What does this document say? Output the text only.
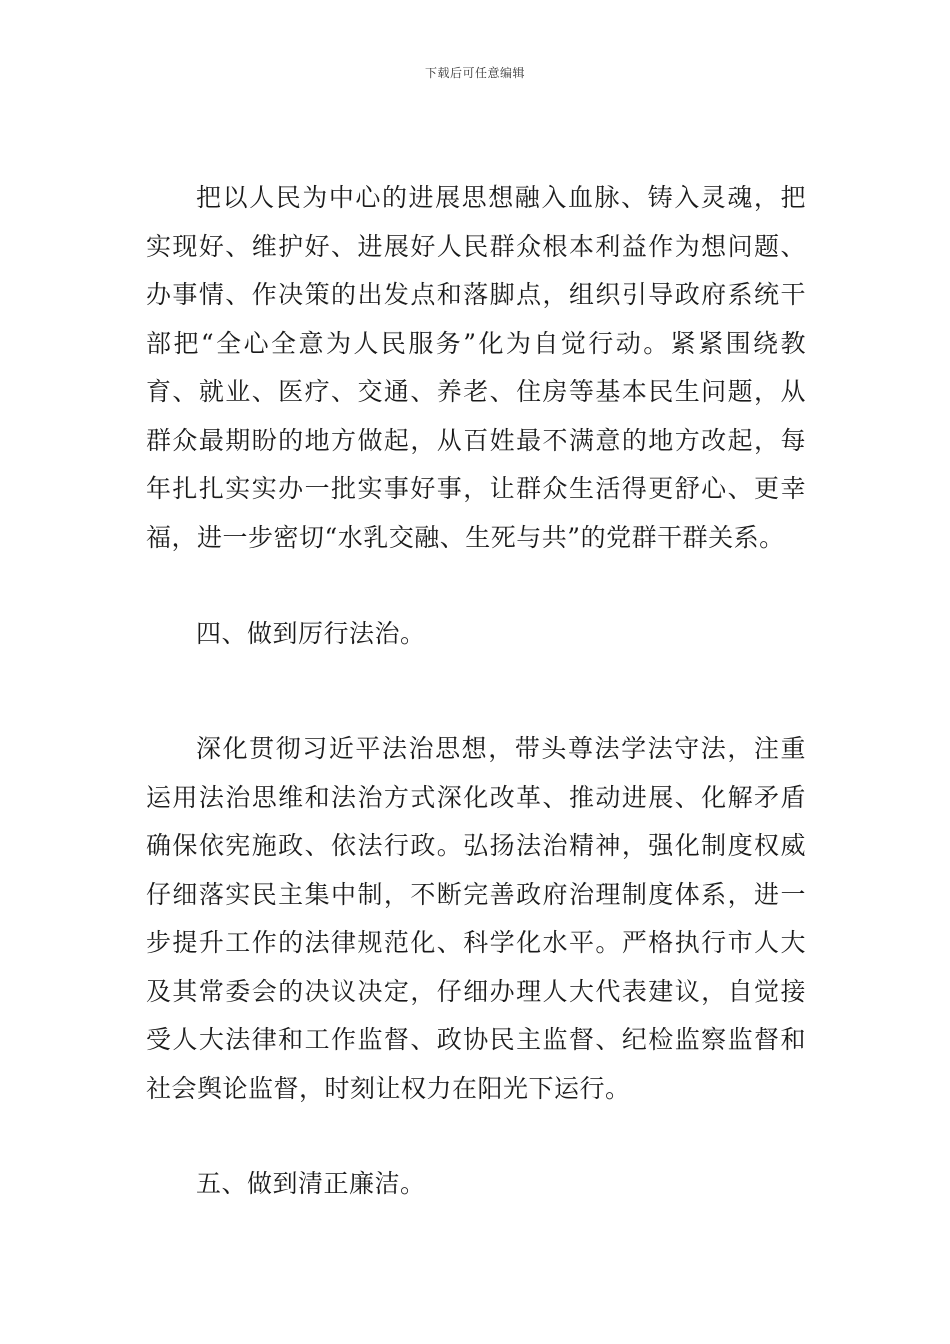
下载后可任意编辑

把以人民为中心的进展思想融入血脉、铸入灵魂，把实现好、维护好、进展好人民群众根本利益作为想问题、办事情、作决策的出发点和落脚点，组织引导政府系统干部把“全心全意为人民服务”化为自觉行动。紧紧围绕教育、就业、医疗、交通、养老、住房等基本民生问题，从群众最期盼的地方做起，从百姓最不满意的地方改起，每年扎扎实实办一批实事好事，让群众生活得更舒心、更幸福，进一步密切“水乳交融、生死与共”的党群干群关系。

四、做到厉行法治。

深化贯彻习近平法治思想，带头尊法学法守法，注重运用法治思维和法治方式深化改革、推动进展、化解矛盾确保依宪施政、依法行政。弘扬法治精神，强化制度权威仔细落实民主集中制，不断完善政府治理制度体系，进一步提升工作的法律规范化、科学化水平。严格执行市人大及其常委会的决议决定，仔细办理人大代表建议，自觉接受人大法律和工作监督、政协民主监督、纪检监察监督和社会舆论监督，时刻让权力在阳光下运行。

五、做到清正廉洁。
